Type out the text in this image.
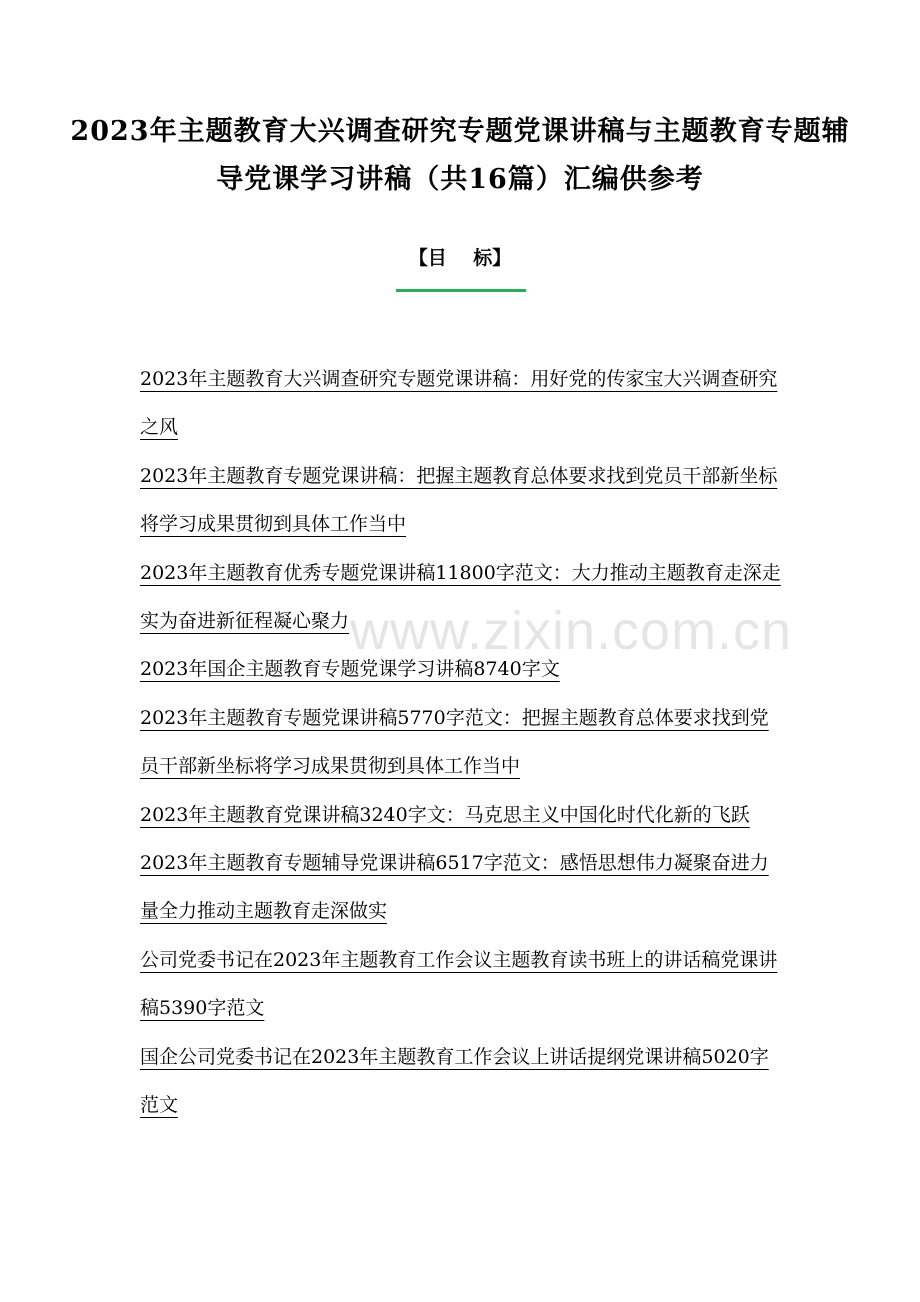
2023年主题教育大兴调查研究专题党课讲稿与主题教育专题辅导党课学习讲稿（共16篇）汇编供参考
【目    标】
2023年主题教育大兴调查研究专题党课讲稿：用好党的传家宝大兴调查研究之风
2023年主题教育专题党课讲稿：把握主题教育总体要求找到党员干部新坐标将学习成果贯彻到具体工作当中
2023年主题教育优秀专题党课讲稿11800字范文：大力推动主题教育走深走实为奋进新征程凝心聚力
2023年国企主题教育专题党课学习讲稿8740字文
2023年主题教育专题党课讲稿5770字范文：把握主题教育总体要求找到党员干部新坐标将学习成果贯彻到具体工作当中
2023年主题教育党课讲稿3240字文：马克思主义中国化时代化新的飞跃
2023年主题教育专题辅导党课讲稿6517字范文：感悟思想伟力凝聚奋进力量全力推动主题教育走深做实
公司党委书记在2023年主题教育工作会议主题教育读书班上的讲话稿党课讲稿5390字范文
国企公司党委书记在2023年主题教育工作会议上讲话提纲党课讲稿5020字范文
www.zixin.com.cn
